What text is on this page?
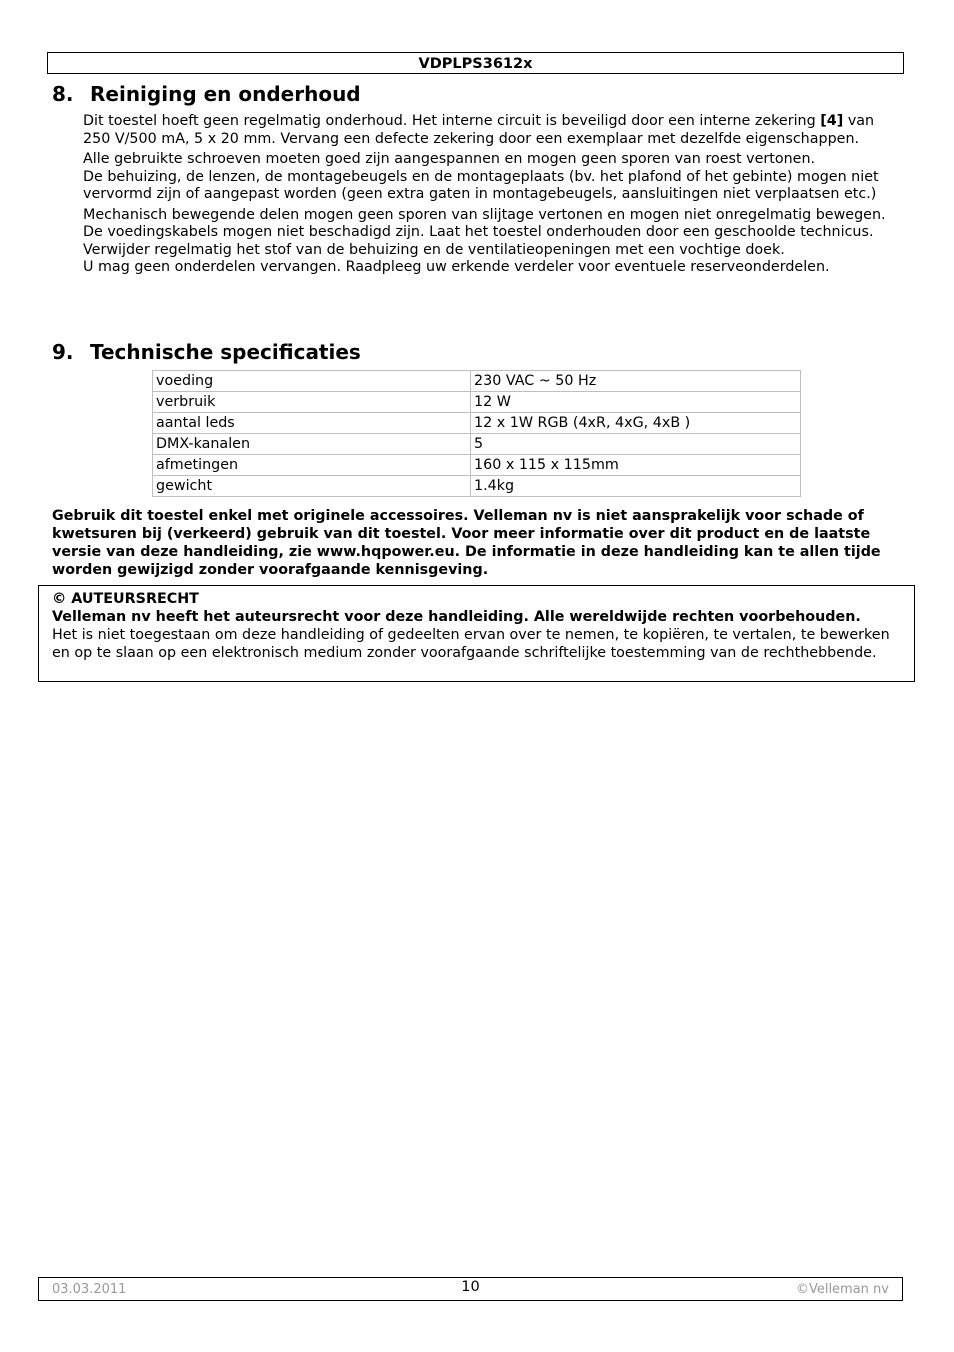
VDPLPS3612x
8. Reiniging en onderhoud

Dit toestel hoeft geen regelmatig onderhoud. Het interne circuit is beveiligd door een interne zekering [4] van 250 V/500 mA, 5 x 20 mm. Vervang een defecte zekering door een exemplaar met dezelfde eigenschappen.

Alle gebruikte schroeven moeten goed zijn aangespannen en mogen geen sporen van roest vertonen.

De behuizing, de lenzen, de montagebeugels en de montageplaats (bv. het plafond of het gebinte) mogen niet vervormd zijn of aangepast worden (geen extra gaten in montagebeugels, aansluitingen niet verplaatsen etc.)

Mechanisch bewegende delen mogen geen sporen van slijtage vertonen en mogen niet onregelmatig bewegen.

De voedingskabels mogen niet beschadigd zijn. Laat het toestel onderhouden door een geschoolde technicus.

Verwijder regelmatig het stof van de behuizing en de ventilatieopeningen met een vochtige doek.

U mag geen onderdelen vervangen. Raadpleeg uw erkende verdeler voor eventuele reserveonderdelen.

9. Technische specificaties
voeding	230 VAC ~ 50 Hz
verbruik	12 W
aantal leds	12 x 1W RGB (4xR, 4xG, 4xB )
DMX-kanalen	5
afmetingen	160 x 115 x 115mm
gewicht	1.4kg
Gebruik dit toestel enkel met originele accessoires. Velleman nv is niet aansprakelijk voor schade of kwetsuren bij (verkeerd) gebruik van dit toestel. Voor meer informatie over dit product en de laatste versie van deze handleiding, zie www.hqpower.eu. De informatie in deze handleiding kan te allen tijde worden gewijzigd zonder voorafgaande kennisgeving.
© AUTEURSRECHT
Velleman nv heeft het auteursrecht voor deze handleiding. Alle wereldwijde rechten voorbehouden.
Het is niet toegestaan om deze handleiding of gedeelten ervan over te nemen, te kopiëren, te vertalen, te bewerken en op te slaan op een elektronisch medium zonder voorafgaande schriftelijke toestemming van de rechthebbende.
03.03.2011	10	©Velleman nv
